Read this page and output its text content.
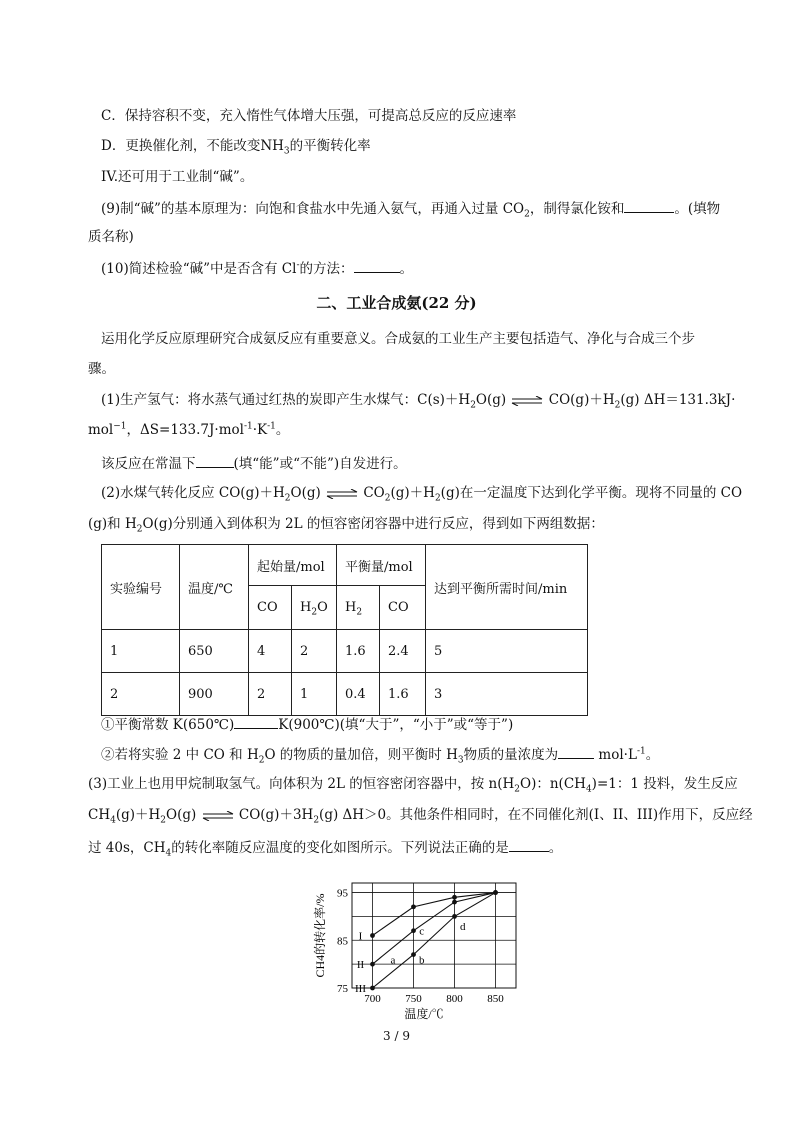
C．保持容积不变，充入惰性气体增大压强，可提高总反应的反应速率
D．更换催化剂，不能改变$NH_3$的平衡转化率
IV.还可用于工业制“碱”。
(9)制“碱”的基本原理为：向饱和食盐水中先通入氨气，再通入过量 $CO_2$，制得氯化铵和	。(填物
质名称)
(10)简述检验“碱”中是否含有 Cl-的方法：	。
二、工业合成氨(22 分)
运用化学反应原理研究合成氨反应有重要意义。合成氨的工业生产主要包括造气、净化与合成三个步
骤。
(1)生产氢气：将水蒸气通过红热的炭即产生水煤气：$C(s)+H_2O(g)$ ⇌ $CO(g)+H_2(g)$ ΔH＝131.3kJ·
mol$^{-1}$，$\Delta S=133.7J\cdot mol^{-1}\cdot K^{-1}$。
该反应在常温下	(填“能”或“不能”)自发进行。
(2)水煤气转化反应 $CO(g)+H_2O(g)$ ⇌ $CO_2(g)+H_2(g)$在一定温度下达到化学平衡。现将不同量的 CO
(g)和 $H_2O(g)$分别通入到体积为 2L 的恒容密闭容器中进行反应，得到如下两组数据：
实验编号	温度/℃	起始量/mol		平衡量/mol		达到平衡所需时间/min
		CO	$H_2O$	$H_2$	CO	
1	650	4	2	1.6	2.4	5
2	900	2	1	0.4	1.6	3
①平衡常数 K(650℃)	K(900℃)(填“大于”，“小于”或“等于”)
②若将实验 2 中 CO 和 $H_2O$ 的物质的量加倍，则平衡时 $H_3$物质的量浓度为	$mol\cdot L^{-1}$。
(3)工业上也用甲烷制取氢气。向体积为 2L 的恒容密闭容器中，按 $n(H_2O)$：$n(CH_4)=1$：1 投料，发生反应
$CH_4(g)+H_2O(g)$ ⇌ $CO(g)+3H_2(g)$ ΔH＞0。其他条件相同时，在不同催化剂(I、II、III)作用下，反应经
过 40s，$CH_4$的转化率随反应温度的变化如图所示。下列说法正确的是	。
700 750 800 850
75
85
95
I
II
III
a b
c	d
温度/℃
CH4的转化率/%
3 / 9
